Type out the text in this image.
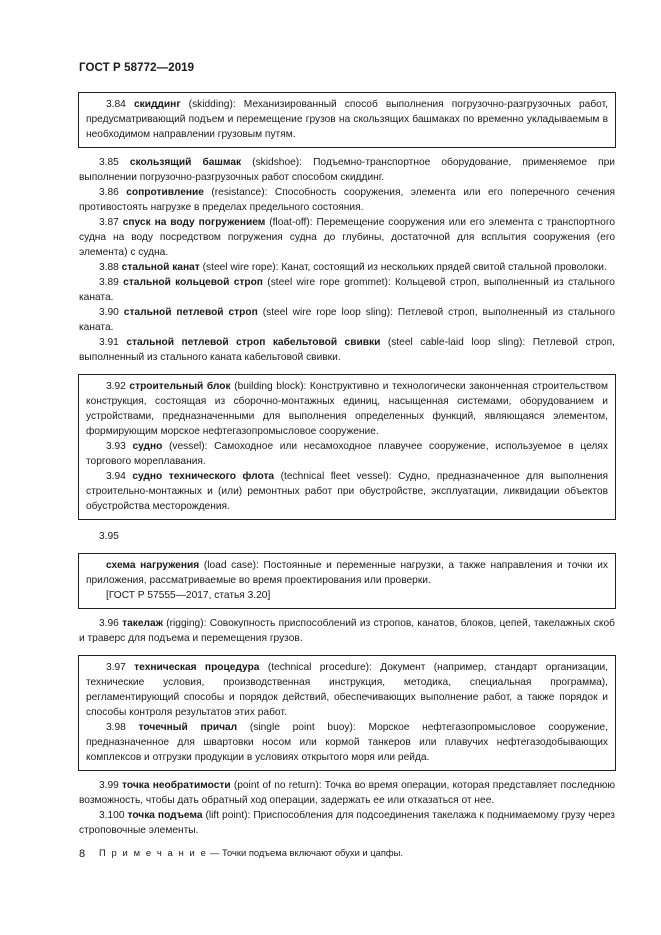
ГОСТ Р 58772—2019

3.84 скиддинг (skidding): Механизированный способ выполнения погрузочно-разгрузочных работ, предусматривающий подъем и перемещение грузов на скользящих башмаках по временно укладываемым в необходимом направлении грузовым путям.

3.85 скользящий башмак (skidshoe): Подъемно-транспортное оборудование, применяемое при выполнении погрузочно-разгрузочных работ способом скиддинг.

3.86 сопротивление (resistance): Способность сооружения, элемента или его поперечного сечения противостоять нагрузке в пределах предельного состояния.

3.87 спуск на воду погружением (float-off): Перемещение сооружения или его элемента с транспортного судна на воду посредством погружения судна до глубины, достаточной для всплытия сооружения (его элемента) с судна.

3.88 стальной канат (steel wire rope): Канат, состоящий из нескольких прядей свитой стальной проволоки.

3.89 стальной кольцевой строп (steel wire rope grommet): Кольцевой строп, выполненный из стального каната.

3.90 стальной петлевой строп (steel wire rope loop sling): Петлевой строп, выполненный из стального каната.

3.91 стальной петлевой строп кабельтовой свивки (steel cable-laid loop sling): Петлевой строп, выполненный из стального каната кабельтовой свивки.

3.92 строительный блок (building block): Конструктивно и технологически законченная строительством конструкция, состоящая из сборочно-монтажных единиц, насыщенная системами, оборудованием и устройствами, предназначенными для выполнения определенных функций, являющаяся элементом, формирующим морское нефтегазопромысловое сооружение.

3.93 судно (vessel): Самоходное или несамоходное плавучее сооружение, используемое в целях торгового мореплавания.

3.94 судно технического флота (technical fleet vessel): Судно, предназначенное для выполнения строительно-монтажных и (или) ремонтных работ при обустройстве, эксплуатации, ликвидации объектов обустройства месторождения.

3.95

схема нагружения (load case): Постоянные и переменные нагрузки, а также направления и точки их приложения, рассматриваемые во время проектирования или проверки.

[ГОСТ Р 57555—2017, статья 3.20]

3.96 такелаж (rigging): Совокупность приспособлений из стропов, канатов, блоков, цепей, такелажных скоб и траверс для подъема и перемещения грузов.

3.97 техническая процедура (technical procedure): Документ (например, стандарт организации, технические условия, производственная инструкция, методика, специальная программа), регламентирующий способы и порядок действий, обеспечивающих выполнение работ, а также порядок и способы контроля результатов этих работ.

3.98 точечный причал (single point buoy): Морское нефтегазопромысловое сооружение, предназначенное для швартовки носом или кормой танкеров или плавучих нефтегазодобывающих комплексов и отгрузки продукции в условиях открытого моря или рейда.

3.99 точка необратимости (point of no return): Точка во время операции, которая представляет последнюю возможность, чтобы дать обратный ход операции, задержать ее или отказаться от нее.

3.100 точка подъема (lift point): Приспособления для подсоединения такелажа к поднимаемому грузу через строповочные элементы.

П р и м е ч а н и е — Точки подъема включают обухи и цапфы.

8
